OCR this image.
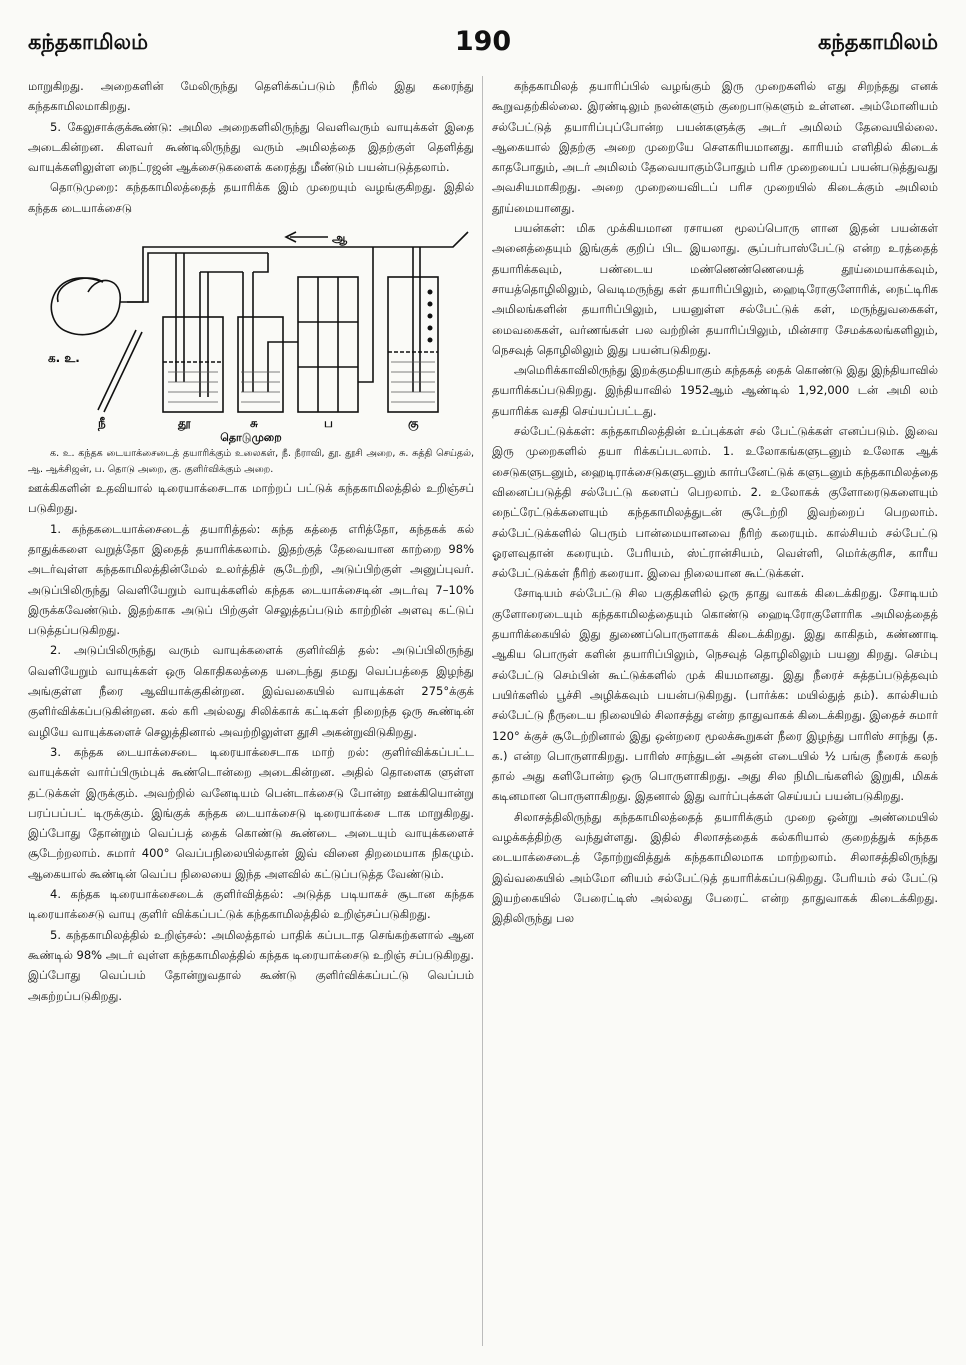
கந்தகாமிலம்	190	கந்தகாமிலம்

மாறுகிறது. அறைகளின் மேலிருந்து தெளிக்கப்படும் நீரில் இது கரைந்து கந்தகாமிலமாகிறது.

5. கேலுசாக்குக்கூண்டு: அமில அறைகளிலிருந்து வெளிவரும் வாயுக்கள் இதை அடைகின்றன. கிளவர் கூண்டிலிருந்து வரும் அமிலத்தை இதற்குள் தெளித்து வாயுக்களிலுள்ள நைட்ரஜன் ஆக்சைடுகளைக் கரைத்து மீண்டும் பயன்படுத்தலாம்.

தொடுமுறை: கந்தகாமிலத்தைத் தயாரிக்க இம் முறையும் வழங்குகிறது. இதில் கந்தக டையாக்சைடு

க. உ.
நீ	தூ	சு	ப	கு
ஆ
தொடுமுறை

க. உ. கந்தக டையாக்சைடைத் தயாரிக்கும் உலைகள், நீ. நீராவி, தூ. தூசி அறை, சு. சுத்தி செய்தல், ஆ. ஆக்சிஜன், ப. தொடு அறை, கு. குளிர்விக்கும் அறை.

ஊக்கிகளின் உதவியால் டிரையாக்சைடாக மாற்றப் பட்டுக் கந்தகாமிலத்தில் உறிஞ்சப் படுகிறது.

1. கந்தகடையாக்சைடைத் தயாரித்தல்: கந்த கத்தை எரித்தோ, கந்தகக் கல் தாதுக்களை வறுத்தோ இதைத் தயாரிக்கலாம். இதற்குத் தேவையான காற்றை 98% அடர்வுள்ள கந்தகாமிலத்தின்மேல் உலர்த்திச் சூடேற்றி, அடுப்பிற்குள் அனுப்புவர். அடுப்பிலிருந்து வெளியேறும் வாயுக்களில் கந்தக டையாக்சைடின் அடர்வு 7–10% இருக்கவேண்டும். இதற்காக அடுப் பிற்குள் செலுத்தப்படும் காற்றின் அளவு கட்டுப் படுத்தப்படுகிறது.

2. அடுப்பிலிருந்து வரும் வாயுக்களைக் குளிர்வித் தல்: அடுப்பிலிருந்து வெளியேறும் வாயுக்கள் ஒரு கொதிகலத்தை யடைந்து தமது வெப்பத்தை இழந்து அங்குள்ள நீரை ஆவியாக்குகின்றன. இவ்வகையில் வாயுக்கள் 275°க்குக் குளிர்விக்கப்படுகின்றன. கல் கரி அல்லது சிலிக்காக் கட்டிகள் நிறைந்த ஒரு கூண்டின் வழியே வாயுக்களைச் செலுத்தினால் அவற்றிலுள்ள தூசி அகன்றுவிடுகிறது.

3. கந்தக டையாக்சைடை டிரையாக்சைடாக மாற் றல்: குளிர்விக்கப்பட்ட வாயுக்கள் வார்ப்பிரும்புக் கூண்டொன்றை அடைகின்றன. அதில் தொளைக ளுள்ள தட்டுக்கள் இருக்கும். அவற்றில் வனேடியம் பென்டாக்சைடு போன்ற ஊக்கியொன்று பரப்பப்பட் டிருக்கும். இங்குக் கந்தக டையாக்சைடு டிரையாக்சை டாக மாறுகிறது. இப்போது தோன்றும் வெப்பத் தைக் கொண்டு கூண்டை அடையும் வாயுக்களைச் சூடேற்றலாம். சுமார் 400° வெப்பநிலையில்தான் இவ் வினை திறமையாக நிகழும். ஆகையால் கூண்டின் வெப்ப நிலையை இந்த அளவில் கட்டுப்படுத்த வேண்டும்.

4. கந்தக டிரையாக்சைடைக் குளிர்வித்தல்: அடுத்த படியாகச் சூடான கந்தக டிரையாக்சைடு வாயு குளிர் விக்கப்பட்டுக் கந்தகாமிலத்தில் உறிஞ்சப்படுகிறது.

5. கந்தகாமிலத்தில் உறிஞ்சல்: அமிலத்தால் பாதிக் கப்படாத செங்கற்களால் ஆன கூண்டில் 98% அடர் வுள்ள கந்தகாமிலத்தில் கந்தக டிரையாக்சைடு உறிஞ் சப்படுகிறது. இப்போது வெப்பம் தோன்றுவதால் கூண்டு குளிர்விக்கப்பட்டு வெப்பம் அகற்றப்படுகிறது.

கந்தகாமிலத் தயாரிப்பில் வழங்கும் இரு முறைகளில் எது சிறந்தது எனக் கூறுவதற்கில்லை. இரண்டிலும் நலன்களும் குறைபாடுகளும் உள்ளன. அம்மோனியம் சல்பேட்டுத் தயாரிப்புப்போன்ற பயன்களுக்கு அடர் அமிலம் தேவையில்லை. ஆகையால் இதற்கு அறை முறையே சௌகரியமானது. காரியம் எளிதில் கிடைக் காதபோதும், அடர் அமிலம் தேவையாகும்போதும் பரிச முறையைப் பயன்படுத்துவது அவசியமாகிறது. அறை முறையைவிடப் பரிச முறையில் கிடைக்கும் அமிலம் தூய்மையானது.

பயன்கள்: மிக முக்கியமான ரசாயன மூலப்பொரு ளான இதன் பயன்கள் அனைத்தையும் இங்குக் குறிப் பிட இயலாது. சூப்பர்பாஸ்பேட்டு என்ற உரத்தைத் தயாரிக்கவும், பண்டைய மண்ணெண்ணெயைத் தூய்மையாக்கவும், சாயத்தொழிலிலும், வெடிமருந்து கள் தயாரிப்பிலும், ஹைடிரோகுளோரிக், நைட்டிரிக அமிலங்களின் தயாரிப்பிலும், பயனுள்ள சல்பேட்டுக் கள், மருந்துவகைகள், மைவகைகள், வர்ணங்கள் பல வற்றின் தயாரிப்பிலும், மின்சார சேமக்கலங்களிலும், நெசவுத் தொழிலிலும் இது பயன்படுகிறது.

அமெரிக்காவிலிருந்து இறக்குமதியாகும் கந்தகத் தைக் கொண்டு இது இந்தியாவில் தயாரிக்கப்படுகிறது. இந்தியாவில் 1952ஆம் ஆண்டில் 1,92,000 டன் அமி லம் தயாரிக்க வசதி செய்யப்பட்டது.

சல்பேட்டுக்கள்: கந்தகாமிலத்தின் உப்புக்கள் சல் பேட்டுக்கள் எனப்படும். இவை இரு முறைகளில் தயா ரிக்கப்படலாம். 1. உலோகங்களுடனும் உலோக ஆக் சைடுகளுடனும், ஹைடிராக்சைடுகளுடனும் கார்பனேட்டுக் களுடனும் கந்தகாமிலத்தை வினைப்படுத்தி சல்பேட்டு களைப் பெறலாம். 2. உலோகக் குளோரைடுகளையும் நைட்ரேட்டுக்களையும் கந்தகாமிலத்துடன் சூடேற்றி இவற்றைப் பெறலாம். சல்பேட்டுக்களில் பெரும் பான்மையானவை நீரிற் கரையும். கால்சியம் சல்பேட்டு ஓரளவுதான் கரையும். பேரியம், ஸ்ட்ரான்சியம், வெள்ளி, மெர்க்குரிச, காரீய சல்பேட்டுக்கள் நீரிற் கரையா. இவை நிலையான கூட்டுக்கள்.

சோடியம் சல்பேட்டு சில பகுதிகளில் ஒரு தாது வாகக் கிடைக்கிறது. சோடியம் குளோரைடையும் கந்தகாமிலத்தையும் கொண்டு ஹைடிரோகுளோரிக அமிலத்தைத் தயாரிக்கையில் இது துணைப்பொருளாகக் கிடைக்கிறது. இது காகிதம், கண்ணாடி ஆகிய பொருள் களின் தயாரிப்பிலும், நெசவுத் தொழிலிலும் பயனு கிறது. செம்பு சல்பேட்டு செம்பின் கூட்டுக்களில் முக் கியமானது. இது நீரைச் சுத்தப்படுத்தவும் பயிர்களில் பூச்சி அழிக்கவும் பயன்படுகிறது. (பார்க்க: மயில்துத் தம்). கால்சியம் சல்பேட்டு நீருடைய நிலையில் சிலாசத்து என்ற தாதுவாகக் கிடைக்கிறது. இதைச் சுமார் 120° க்குச் சூடேற்றினால் இது ஒன்றரை மூலக்கூறுகள் நீரை இழந்து பாரிஸ் சாந்து (த. க.) என்ற பொருளாகிறது. பாரிஸ் சாந்துடன் அதன் எடையில் ½ பங்கு நீரைக் கலந் தால் அது களிபோன்ற ஒரு பொருளாகிறது. அது சில நிமிடங்களில் இறுகி, மிகக் கடினமான பொருளாகிறது. இதனால் இது வார்ப்புக்கள் செய்யப் பயன்படுகிறது.

சிலாசத்திலிருந்து கந்தகாமிலத்தைத் தயாரிக்கும் முறை ஒன்று அண்மையில் வழக்கத்திற்கு வந்துள்ளது. இதில் சிலாசத்தைக் கல்கரியால் குறைத்துக் கந்தக டையாக்சைடைத் தோற்றுவித்துக் கந்தகாமிலமாக மாற்றலாம். சிலாசத்திலிருந்து இவ்வகையில் அம்மோ னியம் சல்பேட்டுத் தயாரிக்கப்படுகிறது. பேரியம் சல் பேட்டு இயற்கையில் பேரைட்டிஸ் அல்லது பேரைட் என்ற தாதுவாகக் கிடைக்கிறது. இதிலிருந்து பல
